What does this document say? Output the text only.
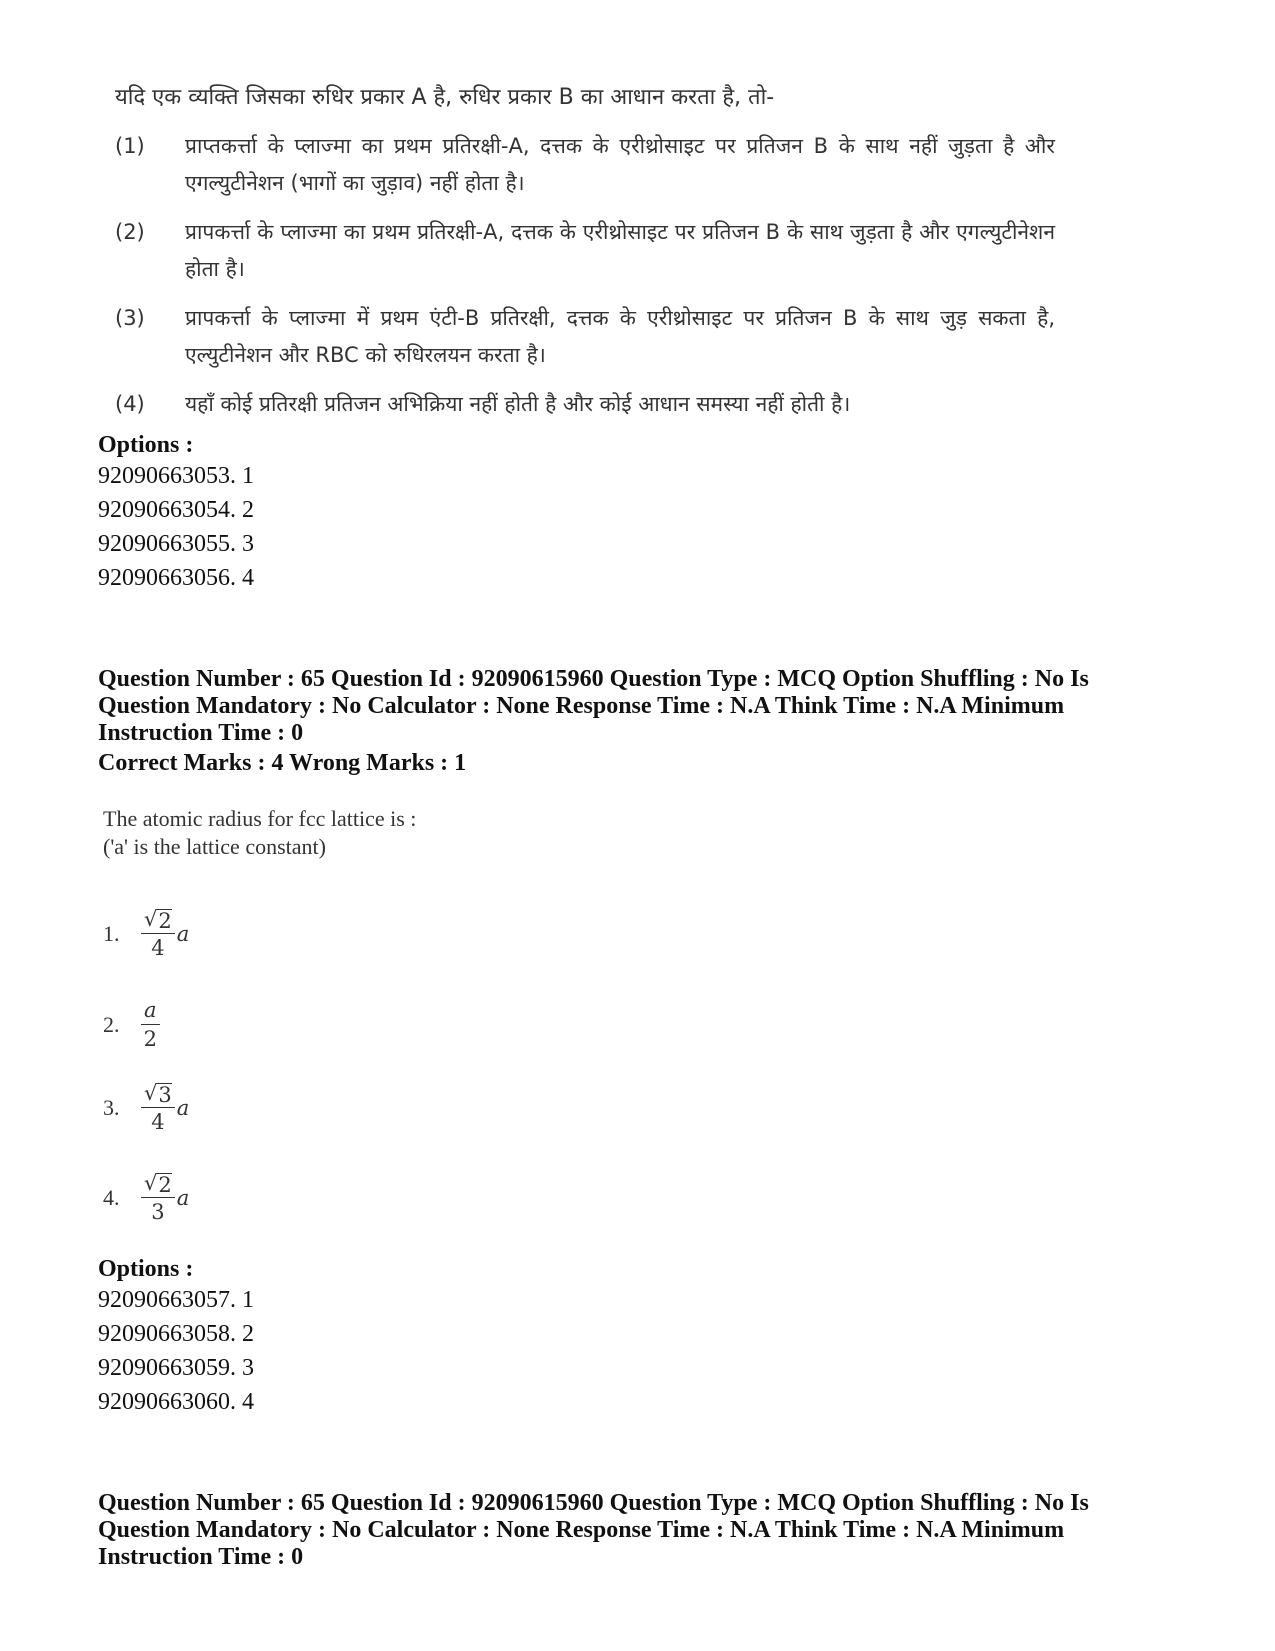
यदि एक व्यक्ति जिसका रुधिर प्रकार A है, रुधिर प्रकार B का आधान करता है, तो-
(1)	प्राप्तकर्त्ता के प्लाज्मा का प्रथम प्रतिरक्षी-A, दत्तक के एरीथ्रोसाइट पर प्रतिजन B के साथ नहीं जुड़ता है और एगल्युटीनेशन (भागों का जुड़ाव) नहीं होता है।
(2)	प्रापकर्त्ता के प्लाज्मा का प्रथम प्रतिरक्षी-A, दत्तक के एरीथ्रोसाइट पर प्रतिजन B के साथ जुड़ता है और एगल्युटीनेशन होता है।
(3)	प्रापकर्त्ता के प्लाज्मा में प्रथम एंटी-B प्रतिरक्षी, दत्तक के एरीथ्रोसाइट पर प्रतिजन B के साथ जुड़ सकता है, एल्युटीनेशन और RBC को रुधिरलयन करता है।
(4)	यहाँ कोई प्रतिरक्षी प्रतिजन अभिक्रिया नहीं होती है और कोई आधान समस्या नहीं होती है।
Options :
92090663053. 1
92090663054. 2
92090663055. 3
92090663056. 4
Question Number : 65 Question Id : 92090615960 Question Type : MCQ Option Shuffling : No Is
Question Mandatory : No Calculator : None Response Time : N.A Think Time : N.A Minimum
Instruction Time : 0
Correct Marks : 4 Wrong Marks : 1
The atomic radius for fcc lattice is :
('a' is the lattice constant)
1.	$\frac{√ 2}{4}$ a
2.	$\frac{a}{2}$
3.	$\frac{√ 3}{4}$ a
4.	$\frac{√ 2}{3}$ a
Options :
92090663057. 1
92090663058. 2
92090663059. 3
92090663060. 4
Question Number : 65 Question Id : 92090615960 Question Type : MCQ Option Shuffling : No Is
Question Mandatory : No Calculator : None Response Time : N.A Think Time : N.A Minimum
Instruction Time : 0
